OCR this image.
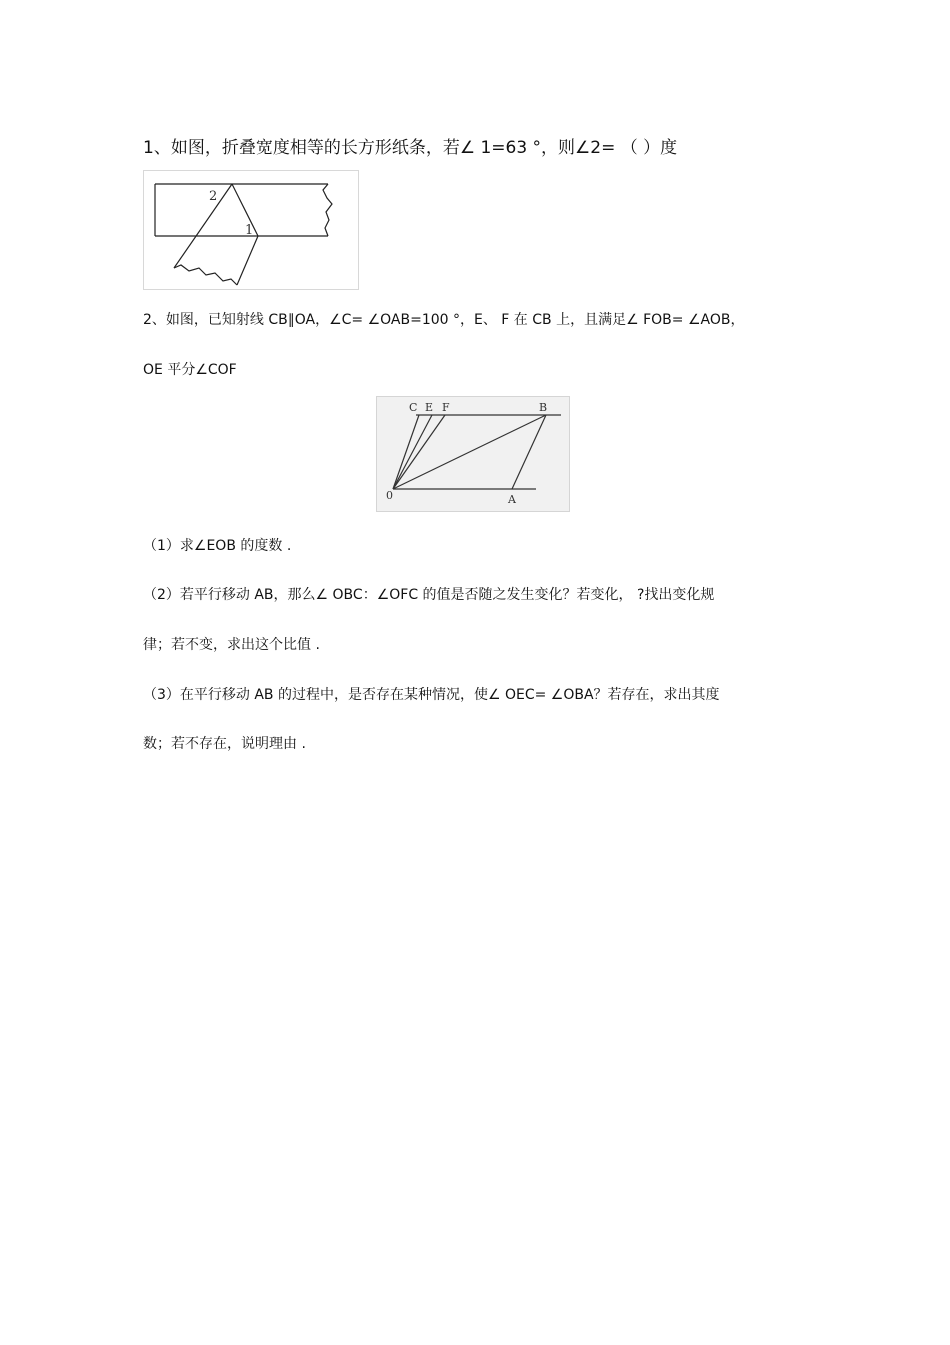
1、如图，折叠宽度相等的长方形纸条，若∠ 1=63 °，则∠2= （ ）度
2
1
2、如图，已知射线 CB∥OA，∠C= ∠OAB=100 °，E、 F 在 CB 上，且满足∠ FOB= ∠AOB，
OE 平分∠COF
C E F	B
0	A
（1）求∠EOB 的度数 .
（2）若平行移动 AB，那么∠ OBC：∠OFC 的值是否随之发生变化？若变化， ?找出变化规
律；若不变，求出这个比值 .
（3）在平行移动 AB 的过程中，是否存在某种情况，使∠ OEC= ∠OBA？若存在，求出其度
数；若不存在，说明理由 .
